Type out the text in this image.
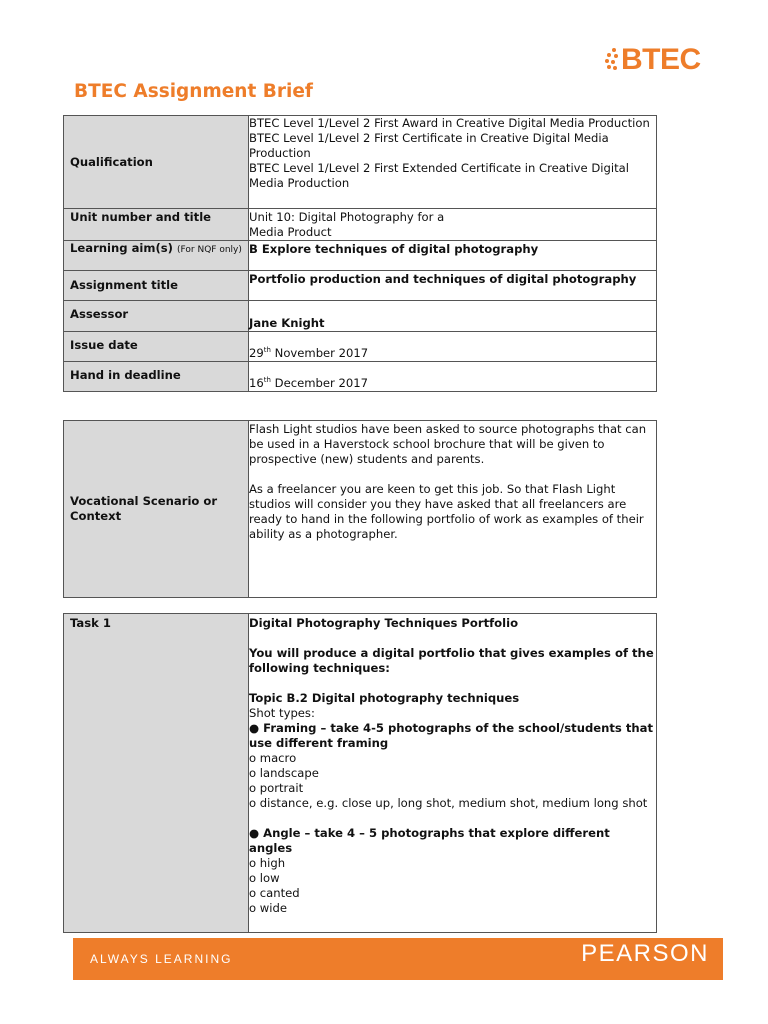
BTEC
BTEC Assignment Brief
Qualification	BTEC Level 1/Level 2 First Award in Creative Digital Media Production
BTEC Level 1/Level 2 First Certificate in Creative Digital Media Production
BTEC Level 1/Level 2 First Extended Certificate in Creative Digital Media Production

Unit number and title	Unit 10: Digital Photography for a Media Product

Learning aim(s) (For NQF only)	B Explore techniques of digital photography

Assignment title	Portfolio production and techniques of digital photography

Assessor	Jane Knight

Issue date	29th November 2017

Hand in deadline	16th December 2017
Vocational Scenario or Context

Flash Light studios have been asked to source photographs that can be used in a Haverstock school brochure that will be given to prospective (new) students and parents.
As a freelancer you are keen to get this job. So that Flash Light studios will consider you they have asked that all freelancers are ready to hand in the following portfolio of work as examples of their ability as a photographer.
Task 1	Digital Photography Techniques Portfolio
You will produce a digital portfolio that gives examples of the following techniques:
Topic B.2 Digital photography techniques
Shot types:
● Framing – take 4-5 photographs of the school/students that use different framing
o macro
o landscape
o portrait
o distance, e.g. close up, long shot, medium shot, medium long shot
● Angle – take 4 – 5 photographs that explore different angles
o high
o low
o canted
o wide
ALWAYS LEARNING	PEARSON
